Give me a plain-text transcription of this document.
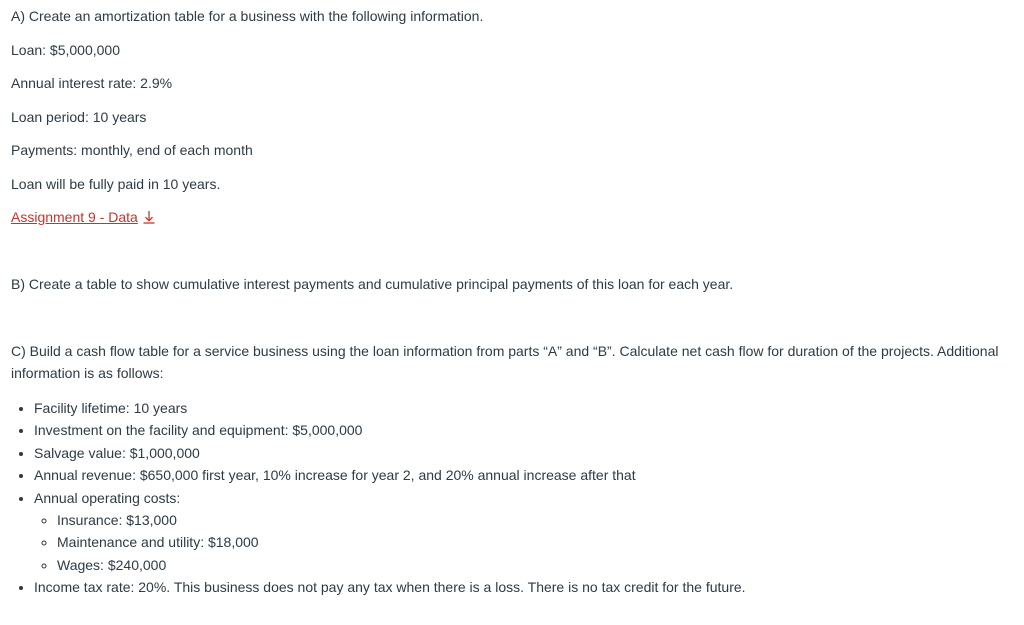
A) Create an amortization table for a business with the following information.

Loan: $5,000,000

Annual interest rate: 2.9%

Loan period: 10 years

Payments: monthly, end of each month

Loan will be fully paid in 10 years.

Assignment 9 - Data

B) Create a table to show cumulative interest payments and cumulative principal payments of this loan for each year.

C) Build a cash flow table for a service business using the loan information from parts “A” and “B”. Calculate net cash flow for duration of the projects. Additional information is as follows:

• Facility lifetime: 10 years
• Investment on the facility and equipment: $5,000,000
• Salvage value: $1,000,000
• Annual revenue: $650,000 first year, 10% increase for year 2, and 20% annual increase after that
• Annual operating costs:
◦ Insurance: $13,000
◦ Maintenance and utility: $18,000
◦ Wages: $240,000
• Income tax rate: 20%. This business does not pay any tax when there is a loss. There is no tax credit for the future.
